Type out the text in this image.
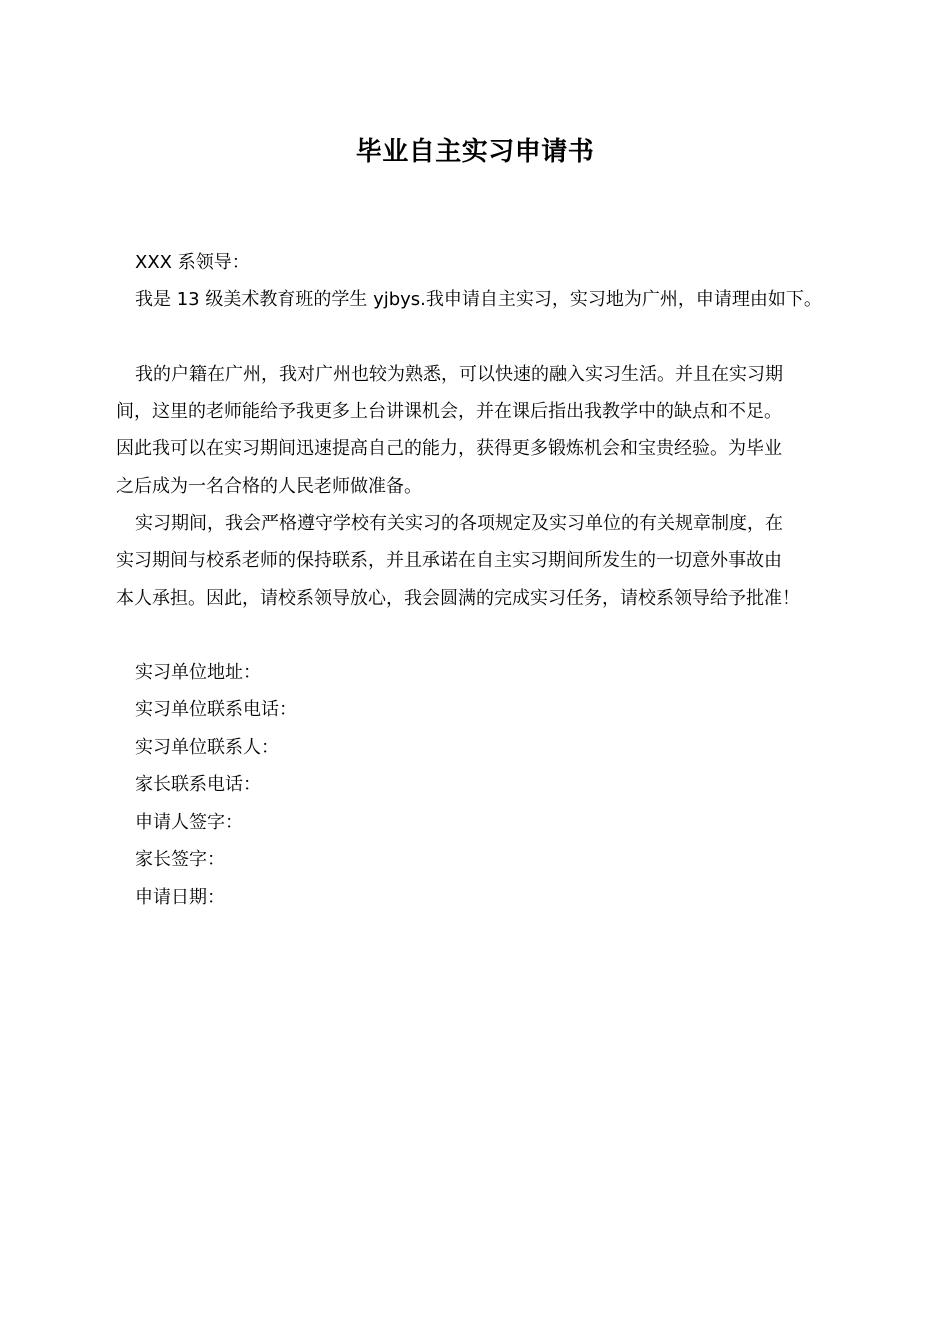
毕业自主实习申请书
XXX 系领导：
我是 13 级美术教育班的学生 yjbys.我申请自主实习，实习地为广州，申请理由如下。
我的户籍在广州，我对广州也较为熟悉，可以快速的融入实习生活。并且在实习期
间，这里的老师能给予我更多上台讲课机会，并在课后指出我教学中的缺点和不足。
因此我可以在实习期间迅速提高自己的能力，获得更多锻炼机会和宝贵经验。为毕业
之后成为一名合格的人民老师做准备。
实习期间，我会严格遵守学校有关实习的各项规定及实习单位的有关规章制度，在
实习期间与校系老师的保持联系，并且承诺在自主实习期间所发生的一切意外事故由
本人承担。因此，请校系领导放心，我会圆满的完成实习任务，请校系领导给予批准！
实习单位地址：
实习单位联系电话：
实习单位联系人：
家长联系电话：
申请人签字：
家长签字：
申请日期：
